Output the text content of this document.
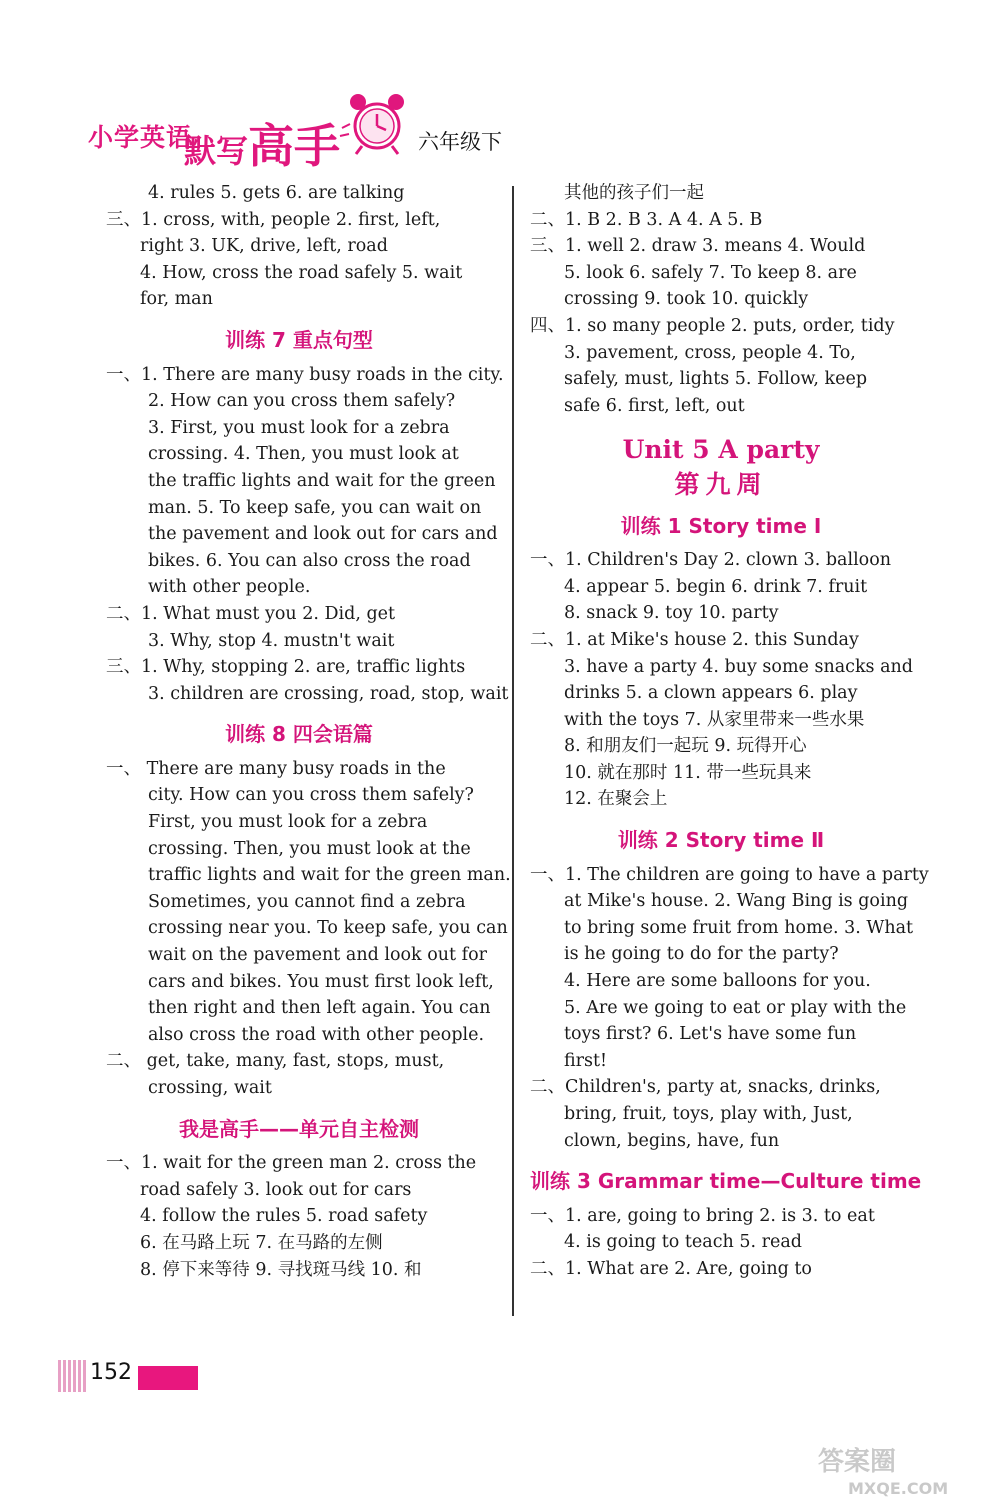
小学英语
默写高手	六年级下
4. rules 5. gets 6. are talking
三、1. cross, with, people 2. first, left,
right 3. UK, drive, left, road
4. How, cross the road safely 5. wait
for, man
训练 7 重点句型
一、1. There are many busy roads in the city.
2. How can you cross them safely?
3. First, you must look for a zebra
crossing. 4. Then, you must look at
the traffic lights and wait for the green
man. 5. To keep safe, you can wait on
the pavement and look out for cars and
bikes. 6. You can also cross the road
with other people.
二、1. What must you 2. Did, get
3. Why, stop 4. mustn't wait
三、1. Why, stopping 2. are, traffic lights
3. children are crossing, road, stop, wait
训练 8 四会语篇
一、 There are many busy roads in the
city. How can you cross them safely?
First, you must look for a zebra
crossing. Then, you must look at the
traffic lights and wait for the green man.
Sometimes, you cannot find a zebra
crossing near you. To keep safe, you can
wait on the pavement and look out for
cars and bikes. You must first look left,
then right and then left again. You can
also cross the road with other people.
二、 get, take, many, fast, stops, must,
crossing, wait
我是高手——单元自主检测
一、1. wait for the green man 2. cross the
road safely 3. look out for cars
4. follow the rules 5. road safety
6. 在马路上玩 7. 在马路的左侧
8. 停下来等待 9. 寻找斑马线 10. 和
其他的孩子们一起
二、1. B 2. B 3. A 4. A 5. B
三、1. well 2. draw 3. means 4. Would
5. look 6. safely 7. To keep 8. are
crossing 9. took 10. quickly
四、1. so many people 2. puts, order, tidy
3. pavement, cross, people 4. To,
safely, must, lights 5. Follow, keep
safe 6. first, left, out
Unit 5 A party
第九周
训练 1 Story time Ⅰ
一、1. Children's Day 2. clown 3. balloon
4. appear 5. begin 6. drink 7. fruit
8. snack 9. toy 10. party
二、1. at Mike's house 2. this Sunday
3. have a party 4. buy some snacks and
drinks 5. a clown appears 6. play
with the toys 7. 从家里带来一些水果
8. 和朋友们一起玩 9. 玩得开心
10. 就在那时 11. 带一些玩具来
12. 在聚会上
训练 2 Story time Ⅱ
一、1. The children are going to have a party
at Mike's house. 2. Wang Bing is going
to bring some fruit from home. 3. What
is he going to do for the party?
4. Here are some balloons for you.
5. Are we going to eat or play with the
toys first? 6. Let's have some fun
first!
二、Children's, party at, snacks, drinks,
bring, fruit, toys, play with, Just,
clown, begins, have, fun
训练 3 Grammar time—Culture time
一、1. are, going to bring 2. is 3. to eat
4. is going to teach 5. read
二、1. What are 2. Are, going to
152
答案圈
MXQE.COM
